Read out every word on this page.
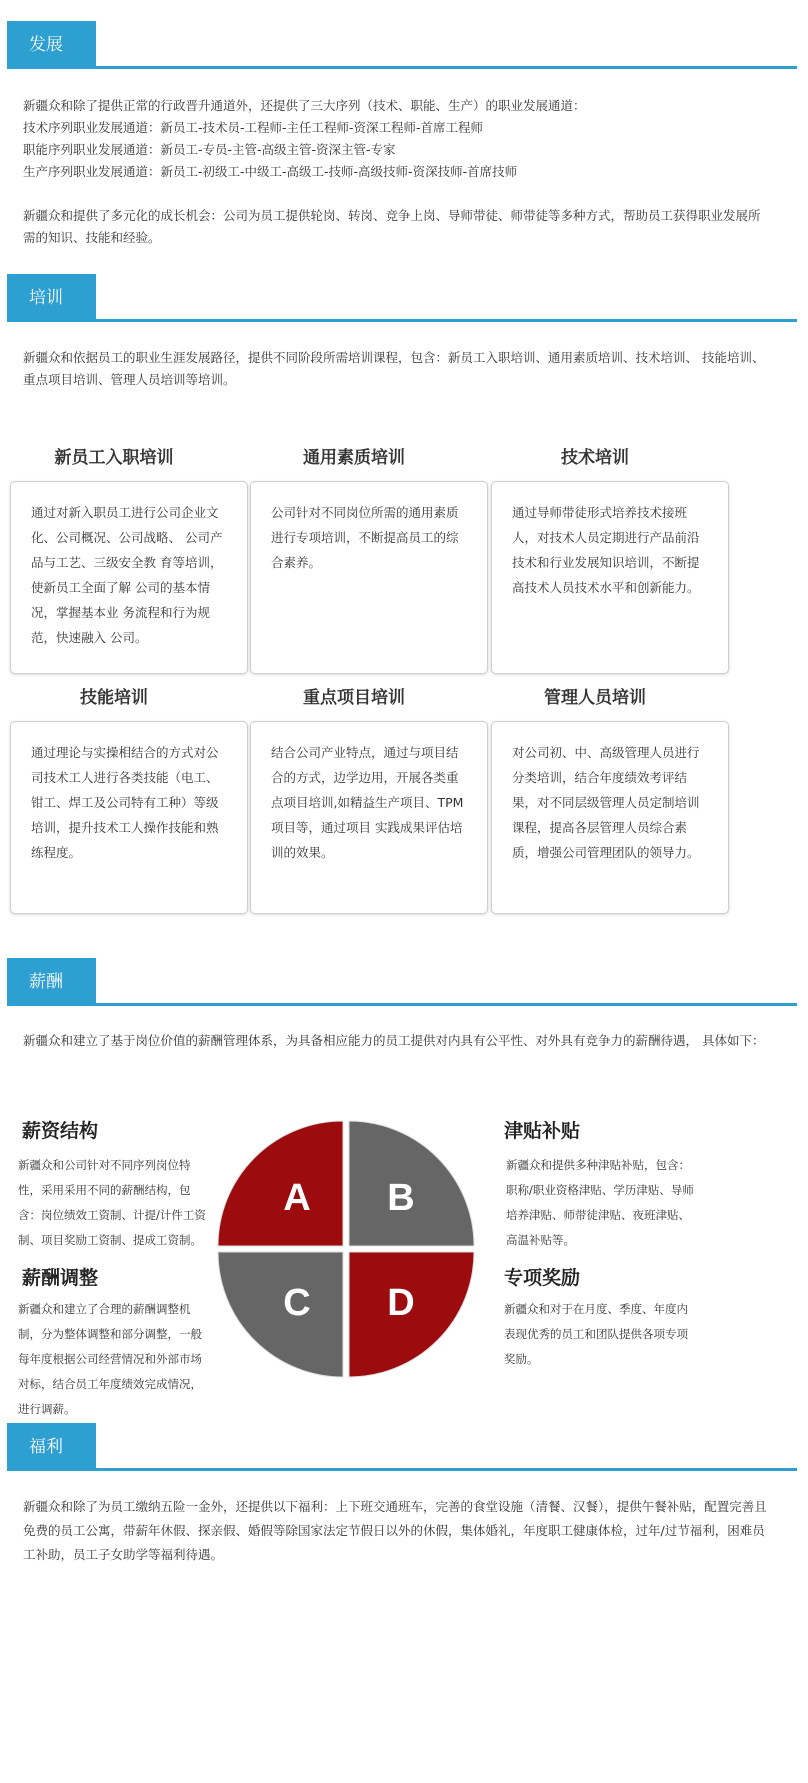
发展
新疆众和除了提供正常的行政晋升通道外，还提供了三大序列（技术、职能、生产）的职业发展通道：
技术序列职业发展通道：新员工-技术员-工程师-主任工程师-资深工程师-首席工程师
职能序列职业发展通道：新员工-专员-主管-高级主管-资深主管-专家
生产序列职业发展通道：新员工-初级工-中级工-高级工-技师-高级技师-资深技师-首席技师
新疆众和提供了多元化的成长机会：公司为员工提供轮岗、转岗、竞争上岗、导师带徒、师带徒等多种方式，帮助员工获得职业发展所需的知识、技能和经验。
培训
新疆众和依据员工的职业生涯发展路径，提供不同阶段所需培训课程，包含：新员工入职培训、通用素质培训、技术培训、 技能培训、重点项目培训、管理人员培训等培训。
新员工入职培训
通过对新入职员工进行公司企业文化、公司概况、公司战略、 公司产品与工艺、三级安全教 育等培训，使新员工全面了解 公司的基本情况，掌握基本业 务流程和行为规范，快速融入 公司。
通用素质培训
公司针对不同岗位所需的通用素质进行专项培训，不断提高员工的综合素养。
技术培训
通过导师带徒形式培养技术接班人，对技术人员定期进行产品前沿技术和行业发展知识培训，不断提高技术人员技术水平和创新能力。
技能培训
通过理论与实操相结合的方式对公司技术工人进行各类技能（电工、钳工、焊工及公司特有工种）等级培训，提升技术工人操作技能和熟练程度。
重点项目培训
结合公司产业特点，通过与项目结合的方式，边学边用，开展各类重点项目培训,如精益生产项目、TPM项目等，通过项目 实践成果评估培训的效果。
管理人员培训
对公司初、中、高级管理人员进行分类培训，结合年度绩效考评结果，对不同层级管理人员定制培训课程，提高各层管理人员综合素质，增强公司管理团队的领导力。
薪酬
新疆众和建立了基于岗位价值的薪酬管理体系，为具备相应能力的员工提供对内具有公平性、对外具有竞争力的薪酬待遇， 具体如下：
薪资结构
新疆众和公司针对不同序列岗位特性，采用采用不同的薪酬结构，包含：岗位绩效工资制、计提/计件工资制、项目奖励工资制、提成工资制。
津贴补贴
新疆众和提供多种津贴补贴，包含：职称/职业资格津贴、学历津贴、导师培养津贴、师带徒津贴、夜班津贴、高温补贴等。
薪酬调整
新疆众和建立了合理的薪酬调整机制，分为整体调整和部分调整，一般每年度根据公司经营情况和外部市场对标，结合员工年度绩效完成情况，进行调薪。
专项奖励
新疆众和对于在月度、季度、年度内表现优秀的员工和团队提供各项专项奖励。
A B
C D
福利
新疆众和除了为员工缴纳五险一金外，还提供以下福利：上下班交通班车，完善的食堂设施（清餐、汉餐），提供午餐补贴，配置完善且免费的员工公寓，带薪年休假、探亲假、婚假等除国家法定节假日以外的休假，集体婚礼，年度职工健康体检，过年/过节福利，困难员工补助，员工子女助学等福利待遇。
